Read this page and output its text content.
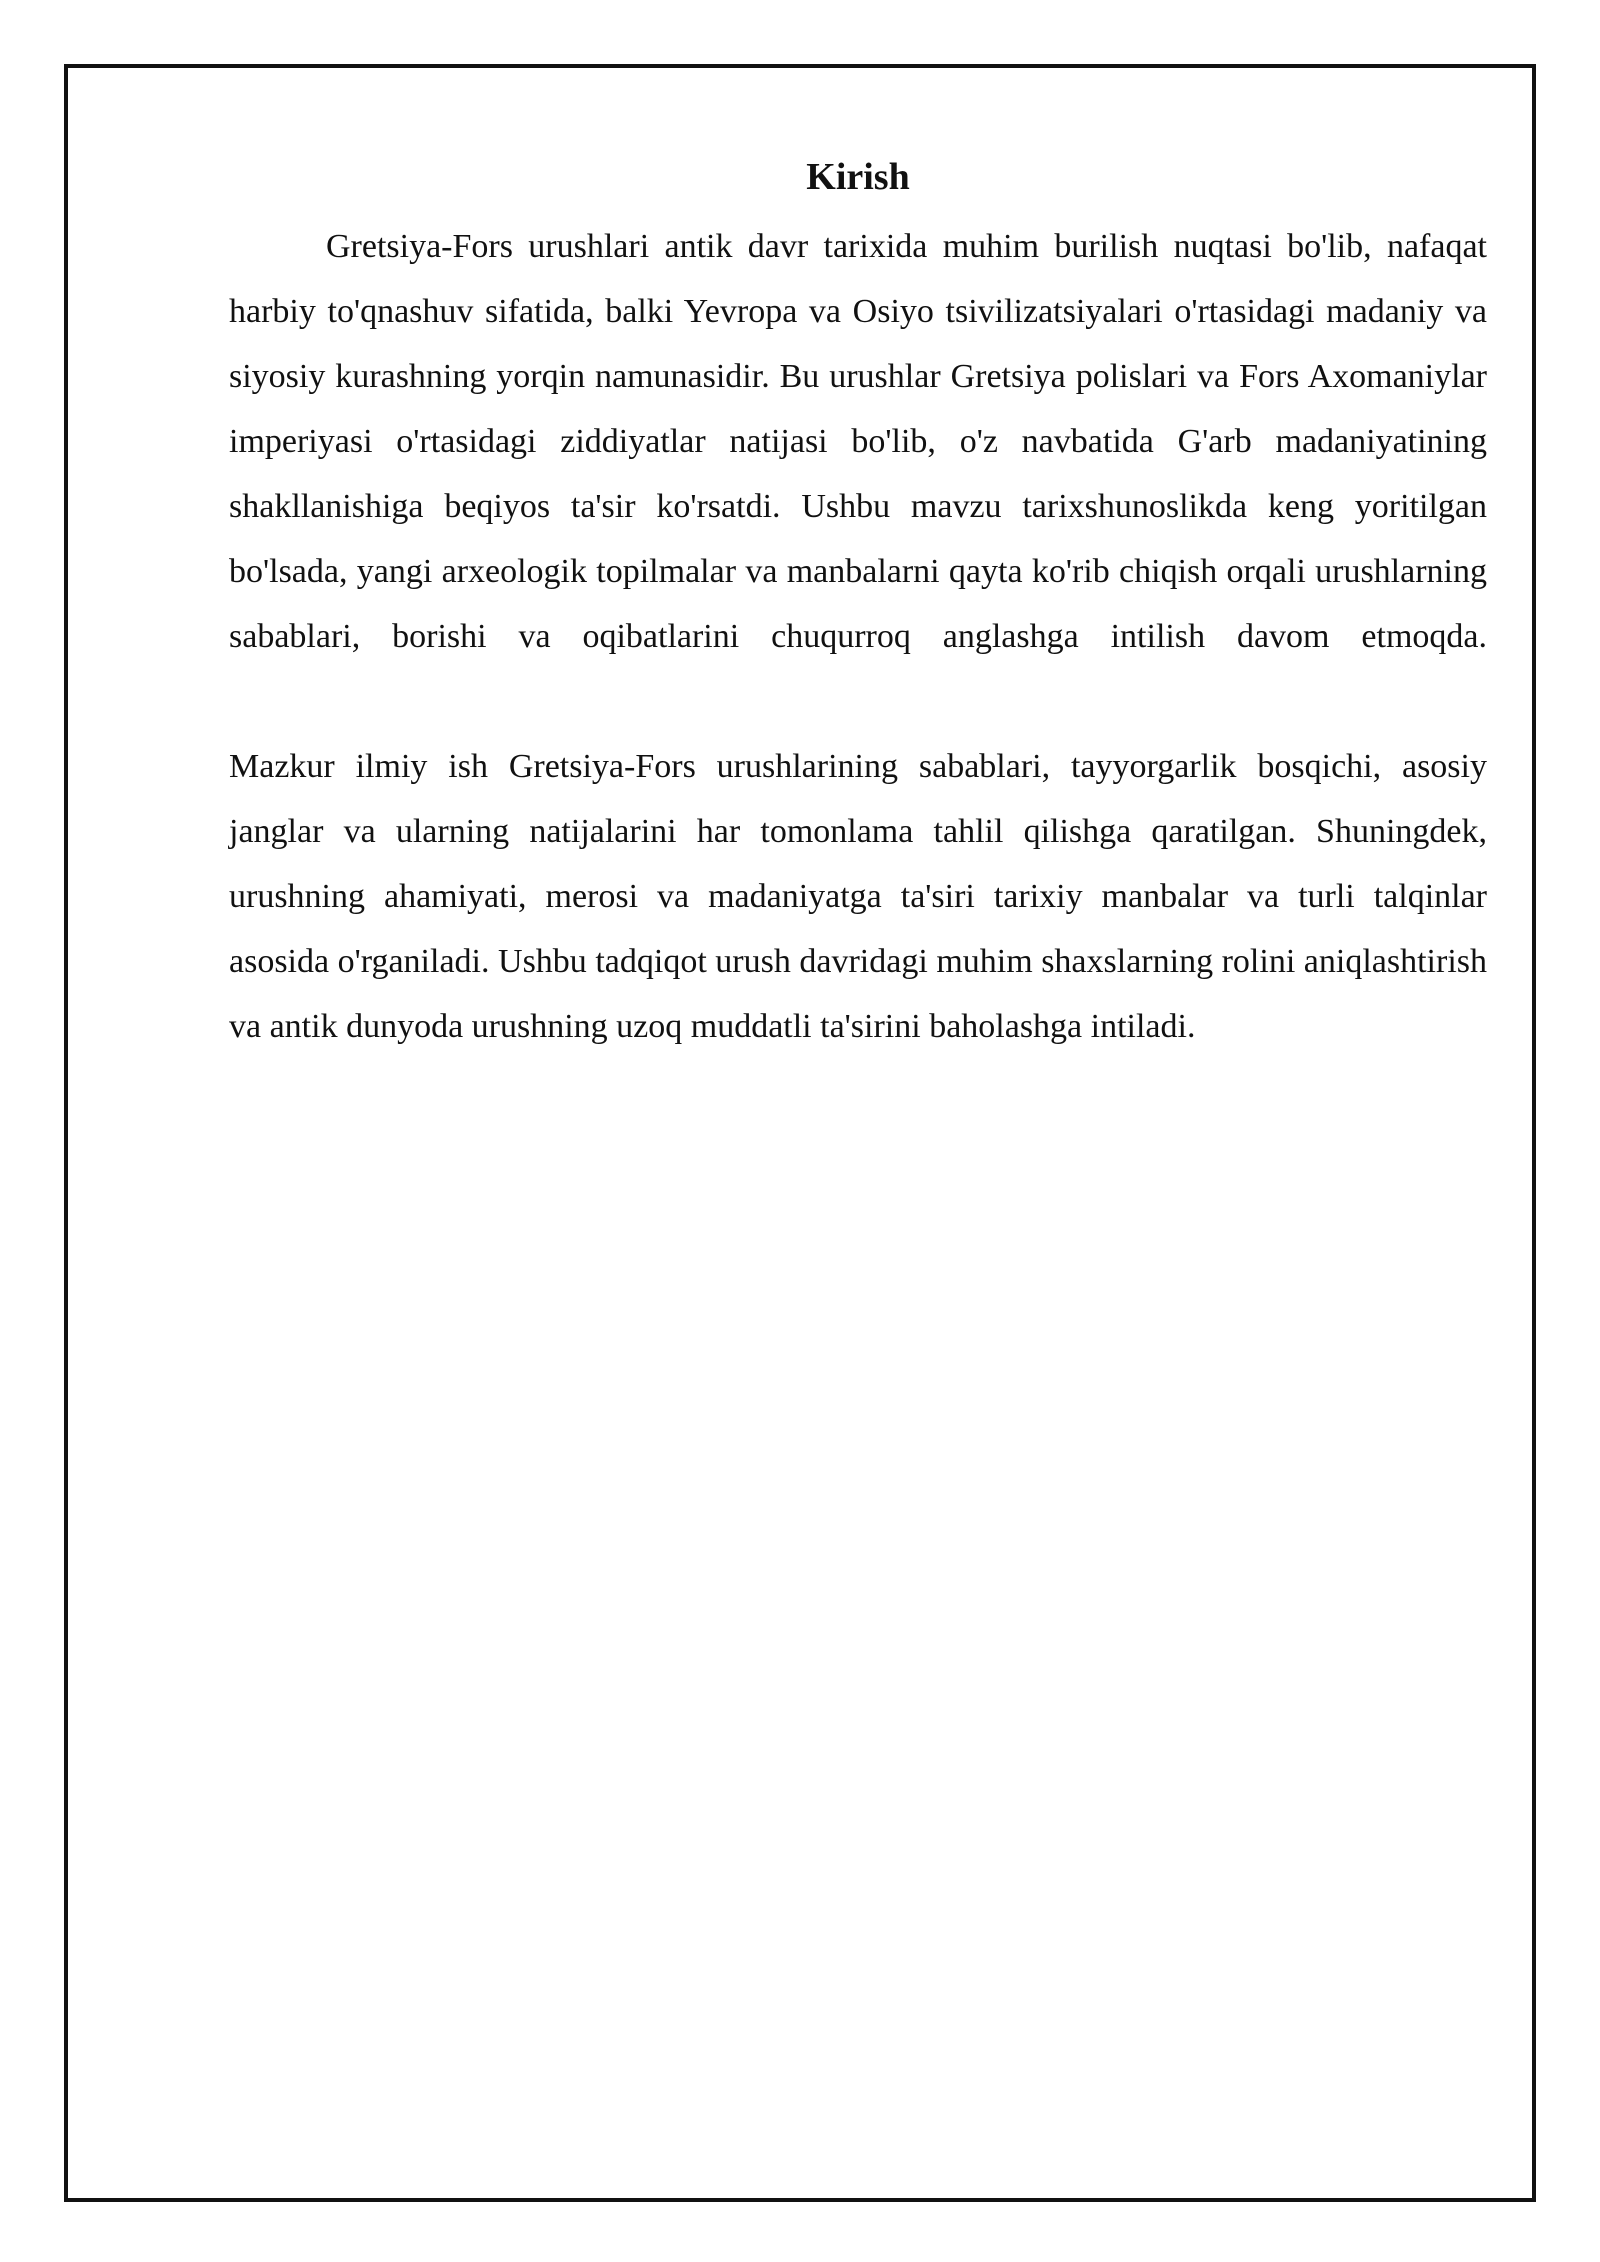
Kirish

Gretsiya-Fors urushlari antik davr tarixida muhim burilish nuqtasi bo'lib, nafaqat harbiy to'qnashuv sifatida, balki Yevropa va Osiyo tsivilizatsiyalari o'rtasidagi madaniy va siyosiy kurashning yorqin namunasidir. Bu urushlar Gretsiya polislari va Fors Axomaniylar imperiyasi o'rtasidagi ziddiyatlar natijasi bo'lib, o'z navbatida G'arb madaniyatining shakllanishiga beqiyos ta'sir ko'rsatdi. Ushbu mavzu tarixshunoslikda keng yoritilgan bo'lsada, yangi arxeologik topilmalar va manbalarni qayta ko'rib chiqish orqali urushlarning sabablari, borishi va oqibatlarini chuqurroq anglashga intilish davom etmoqda.

Mazkur ilmiy ish Gretsiya-Fors urushlarining sabablari, tayyorgarlik bosqichi, asosiy janglar va ularning natijalarini har tomonlama tahlil qilishga qaratilgan. Shuningdek, urushning ahamiyati, merosi va madaniyatga ta'siri tarixiy manbalar va turli talqinlar asosida o'rganiladi. Ushbu tadqiqot urush davridagi muhim shaxslarning rolini aniqlashtirish va antik dunyoda urushning uzoq muddatli ta'sirini baholashga intiladi.
